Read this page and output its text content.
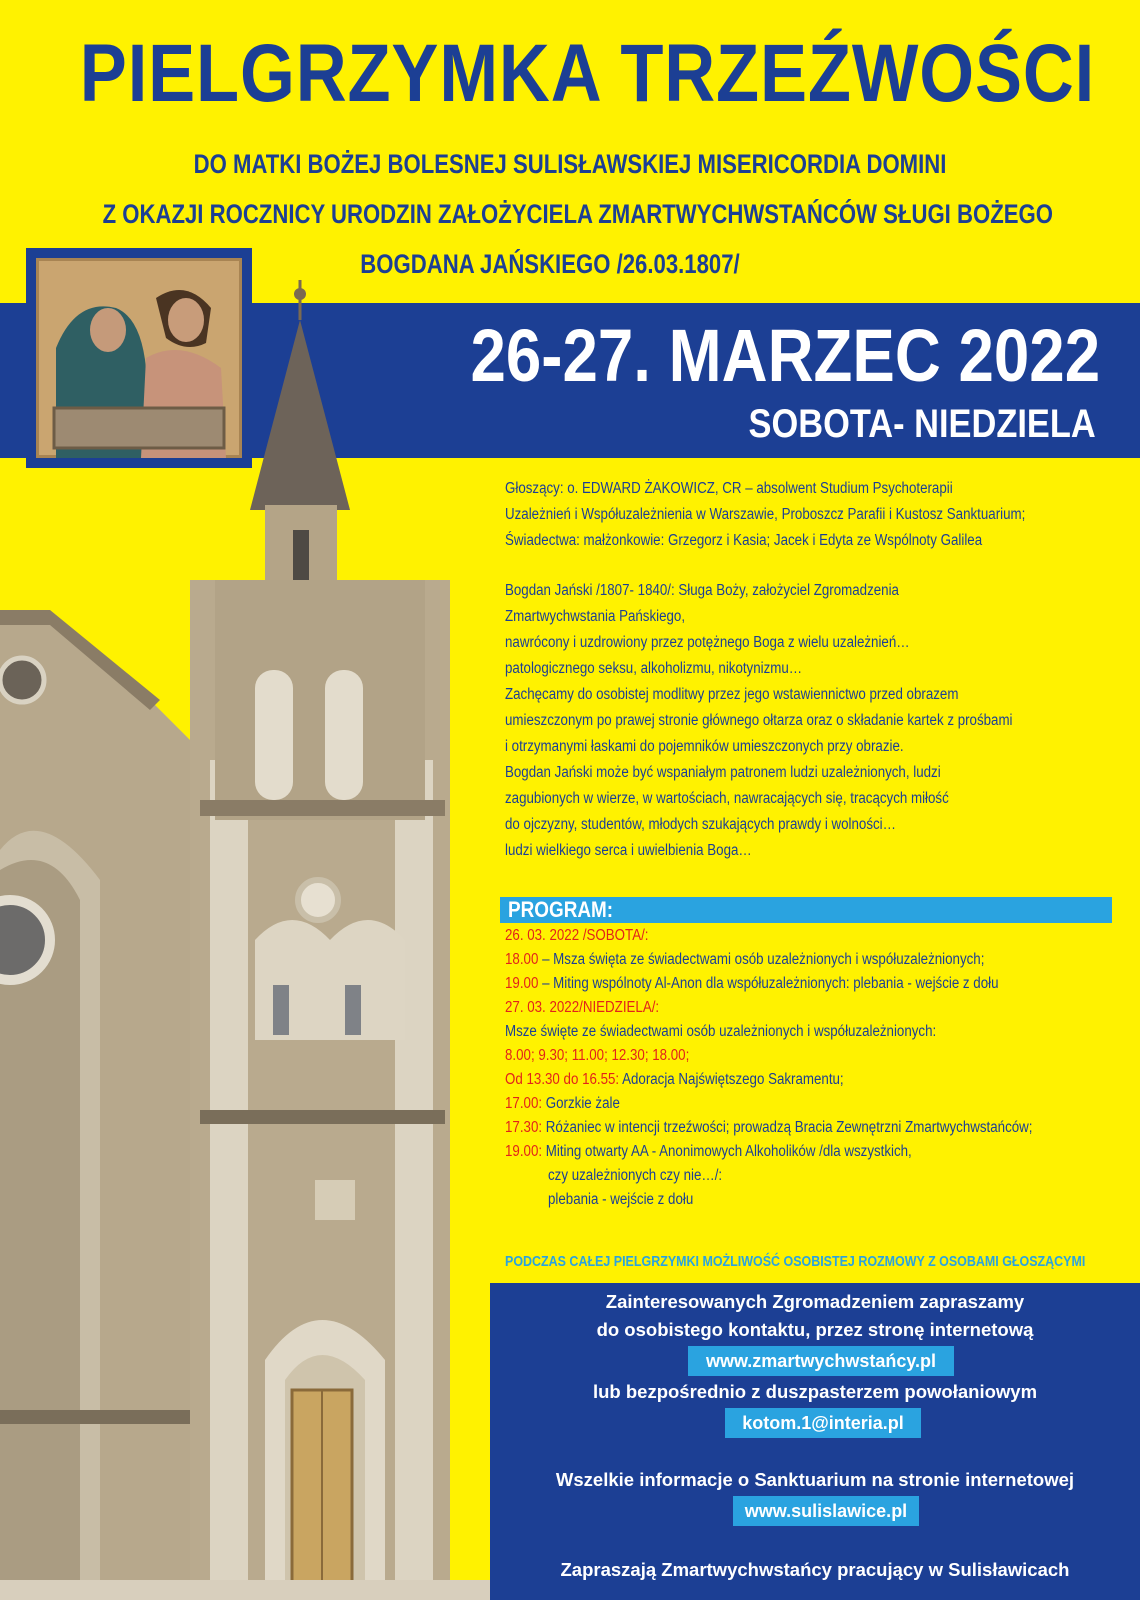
PIELGRZYMKA TRZEŹWOŚCI
DO MATKI BOŻEJ BOLESNEJ SULISŁAWSKIEJ MISERICORDIA DOMINI
Z OKAZJI ROCZNICY URODZIN ZAŁOŻYCIELA ZMARTWYCHWSTAŃCÓW SŁUGI BOŻEGO
BOGDANA JAŃSKIEGO /26.03.1807/
26-27. MARZEC 2022
SOBOTA- NIEDZIELA
Głoszący: o. EDWARD ŻAKOWICZ, CR – absolwent Studium Psychoterapii
Uzależnień i Współuzależnienia w Warszawie, Proboszcz Parafii i Kustosz Sanktuarium;
Świadectwa: małżonkowie: Grzegorz i Kasia; Jacek i Edyta ze Wspólnoty Galilea
Bogdan Jański /1807- 1840/: Sługa Boży, założyciel Zgromadzenia
Zmartwychwstania Pańskiego,
nawrócony i uzdrowiony przez potężnego Boga z wielu uzależnień…
patologicznego seksu, alkoholizmu, nikotynizmu…
Zachęcamy do osobistej modlitwy przez jego wstawiennictwo przed obrazem
umieszczonym po prawej stronie głównego ołtarza oraz o składanie kartek z prośbami
i otrzymanymi łaskami do pojemników umieszczonych przy obrazie.
Bogdan Jański może być wspaniałym patronem ludzi uzależnionych, ludzi
zagubionych w wierze, w wartościach, nawracających się, tracących miłość
do ojczyzny, studentów, młodych szukających prawdy i wolności…
ludzi wielkiego serca i uwielbienia Boga…
PROGRAM:
26. 03. 2022 /SOBOTA/:
18.00 – Msza święta ze świadectwami osób uzależnionych i współuzależnionych;
19.00 – Miting wspólnoty Al-Anon dla współuzależnionych: plebania - wejście z dołu
27. 03. 2022/NIEDZIELA/:
Msze święte ze świadectwami osób uzależnionych i współuzależnionych:
8.00; 9.30; 11.00; 12.30; 18.00;
Od 13.30 do 16.55: Adoracja Najświętszego Sakramentu;
17.00: Gorzkie żale
17.30: Różaniec w intencji trzeźwości; prowadzą Bracia Zewnętrzni Zmartwychwstańców;
19.00: Miting otwarty AA - Anonimowych Alkoholików /dla wszystkich,
czy uzależnionych czy nie…/:
plebania - wejście z dołu
PODCZAS CAŁEJ PIELGRZYMKI MOŻLIWOŚĆ OSOBISTEJ ROZMOWY Z OSOBAMI GŁOSZĄCYMI
Zainteresowanych Zgromadzeniem zapraszamy
do osobistego kontaktu, przez stronę internetową
www.zmartwychwstańcy.pl
lub bezpośrednio z duszpasterzem powołaniowym
kotom.1@interia.pl
Wszelkie informacje o Sanktuarium na stronie internetowej
www.sulislawice.pl
Zapraszają Zmartwychwstańcy pracujący w Sulisławicach
